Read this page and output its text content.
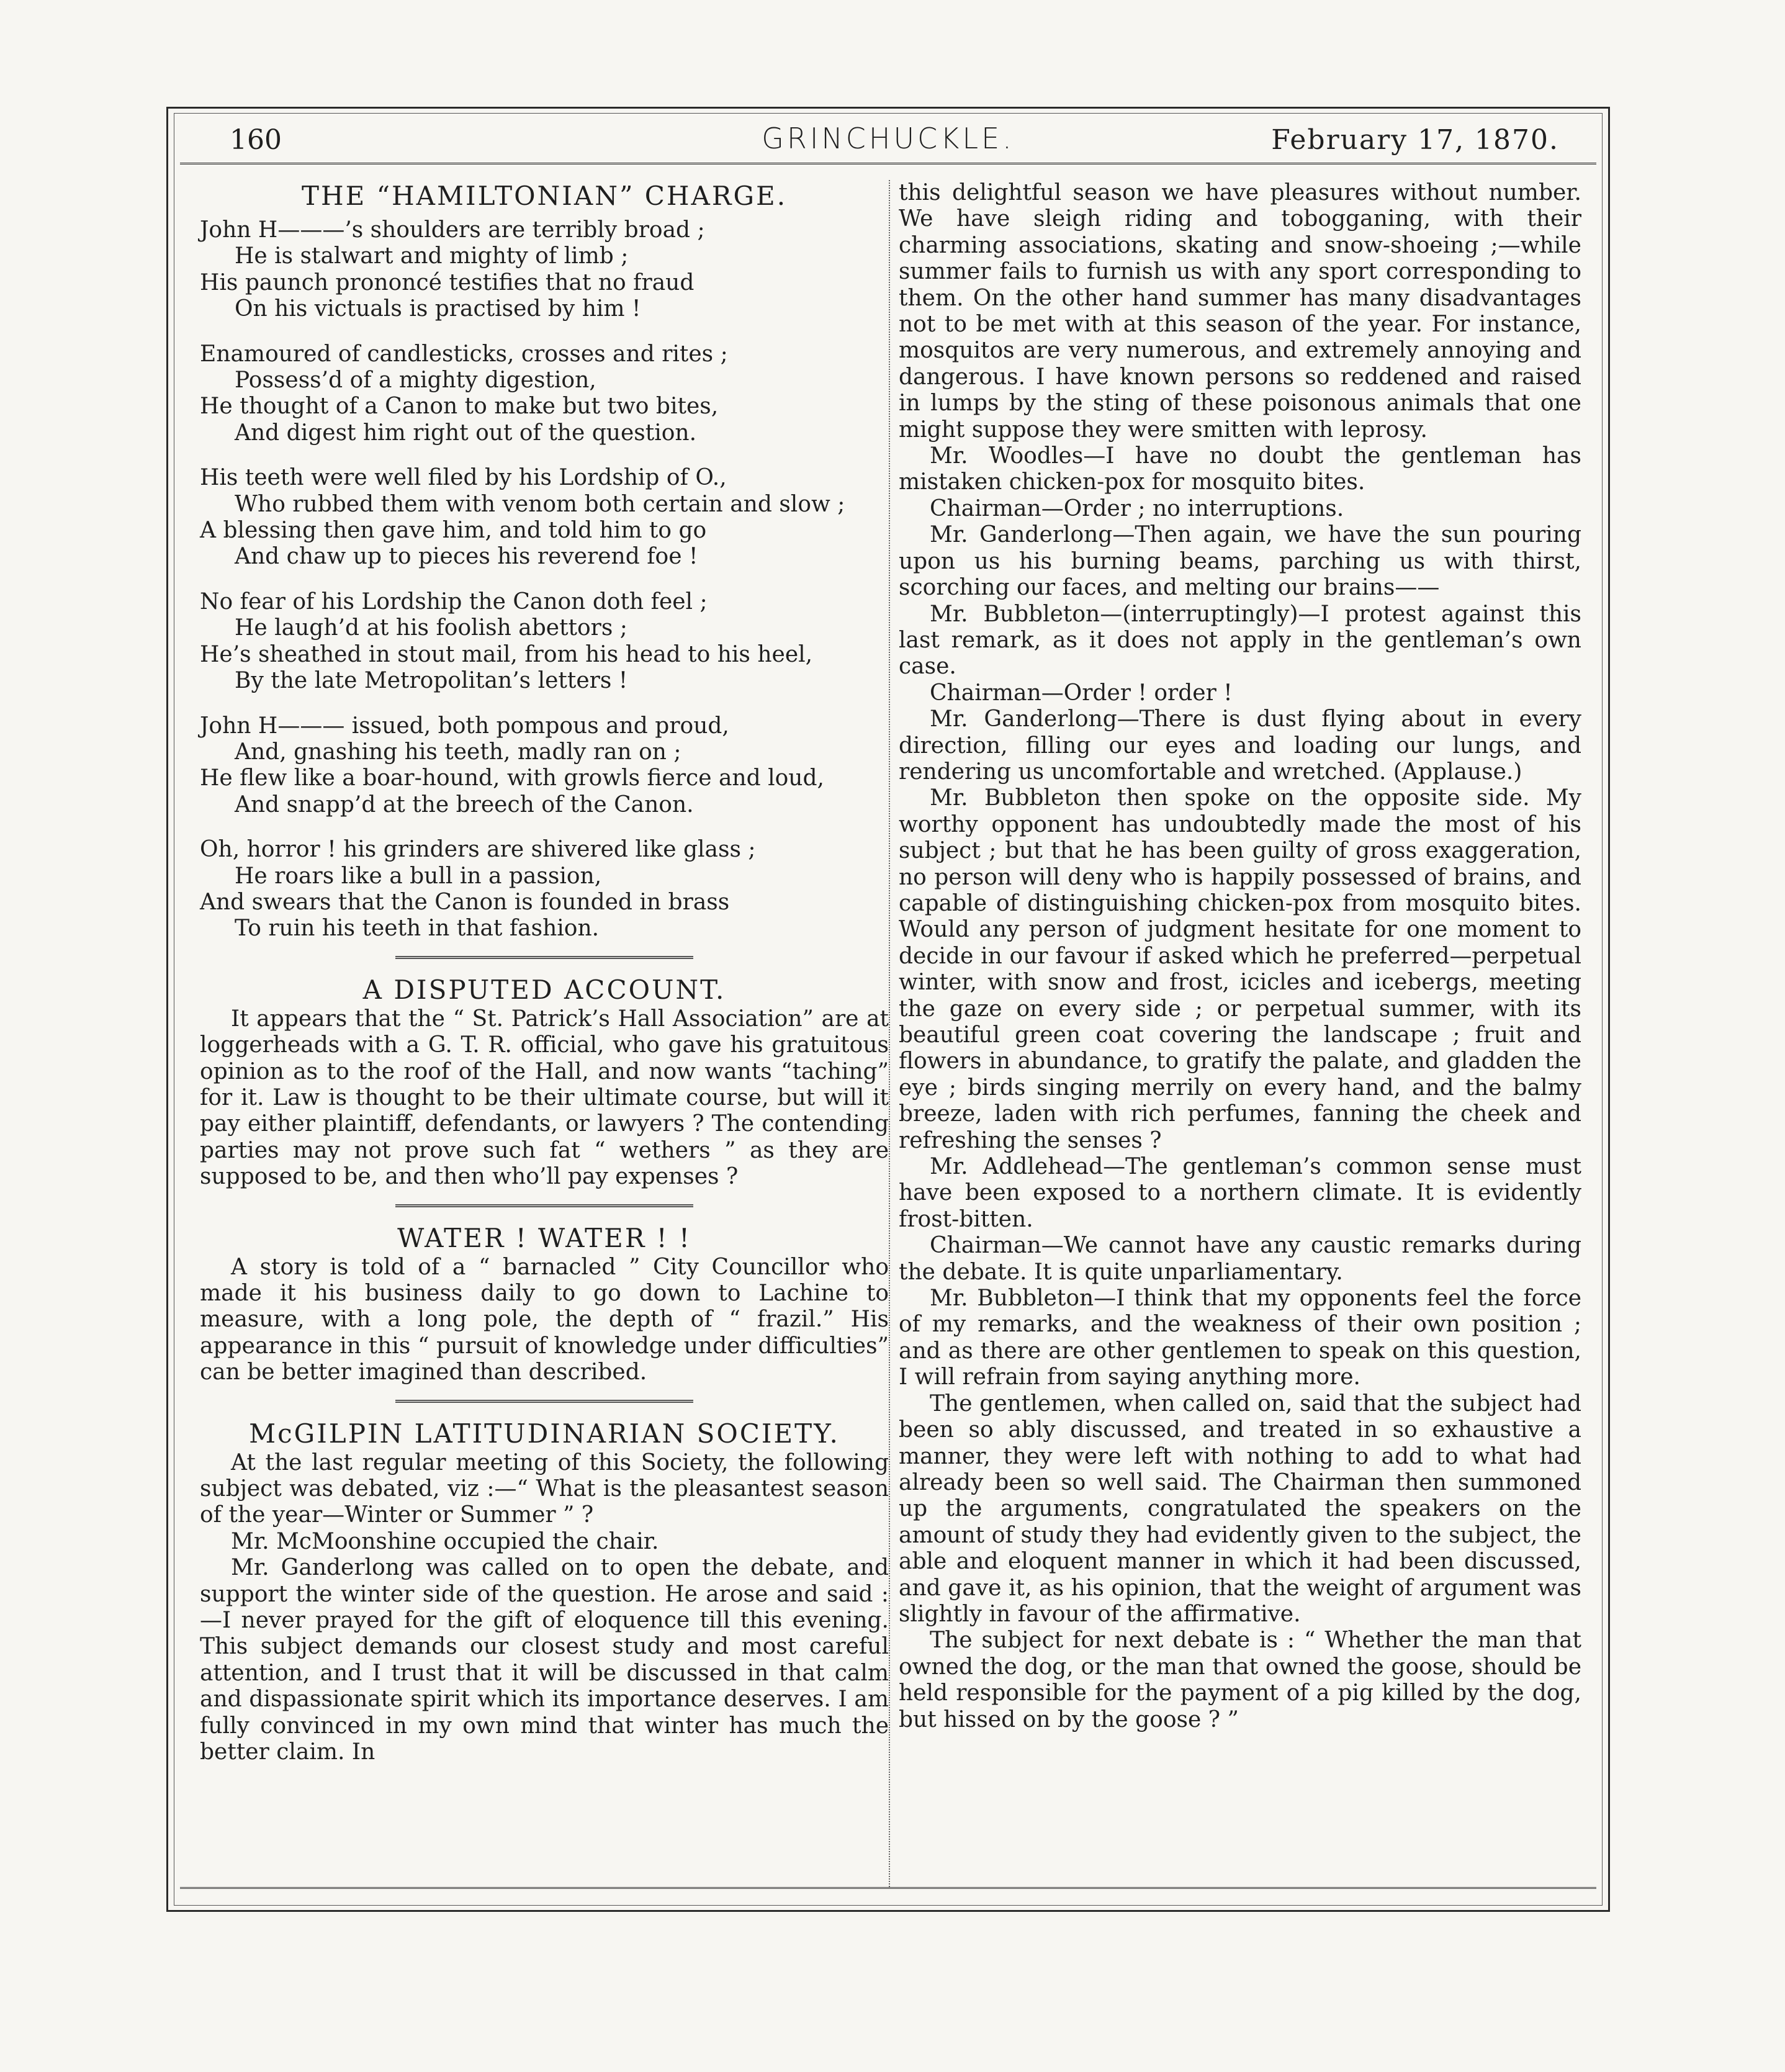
160	GRINCHUCKLE.	February 17, 1870.
THE “HAMILTONIAN” CHARGE.

John H———’s shoulders are terribly broad ;

He is stalwart and mighty of limb ;

His paunch prononcé testifies that no fraud

On his victuals is practised by him !

Enamoured of candlesticks, crosses and rites ;

Possess’d of a mighty digestion,

He thought of a Canon to make but two bites,

And digest him right out of the question.

His teeth were well filed by his Lordship of O.,

Who rubbed them with venom both certain and slow ;

A blessing then gave him, and told him to go

And chaw up to pieces his reverend foe !

No fear of his Lordship the Canon doth feel ;

He laugh’d at his foolish abettors ;

He’s sheathed in stout mail, from his head to his heel,

By the late Metropolitan’s letters !

John H——— issued, both pompous and proud,

And, gnashing his teeth, madly ran on ;

He flew like a boar-hound, with growls fierce and loud,

And snapp’d at the breech of the Canon.

Oh, horror ! his grinders are shivered like glass ;

He roars like a bull in a passion,

And swears that the Canon is founded in brass

To ruin his teeth in that fashion.

A DISPUTED ACCOUNT.

It appears that the “ St. Patrick’s Hall Association” are at loggerheads with a G. T. R. official, who gave his gratuitous opinion as to the roof of the Hall, and now wants “taching” for it. Law is thought to be their ultimate course, but will it pay either plaintiff, defendants, or lawyers ? The contending parties may not prove such fat “ wethers ” as they are supposed to be, and then who’ll pay expenses ?

WATER ! WATER ! !

A story is told of a “ barnacled ” City Councillor who made it his business daily to go down to Lachine to measure, with a long pole, the depth of “ frazil.” His appearance in this “ pursuit of knowledge under difficulties” can be better imagined than described.

McGILPIN LATITUDINARIAN SOCIETY.

At the last regular meeting of this Society, the following subject was debated, viz :—“ What is the pleasantest season of the year—Winter or Summer ” ?

Mr. McMoonshine occupied the chair.

Mr. Ganderlong was called on to open the debate, and support the winter side of the question. He arose and said :—I never prayed for the gift of eloquence till this evening. This subject demands our closest study and most careful attention, and I trust that it will be discussed in that calm and dispassionate spirit which its importance deserves. I am fully convinced in my own mind that winter has much the better claim. In

this delightful season we have pleasures without number. We have sleigh riding and tobogganing, with their charming associations, skating and snow-shoeing ;—while summer fails to furnish us with any sport corresponding to them. On the other hand summer has many disadvantages not to be met with at this season of the year. For instance, mosquitos are very numerous, and extremely annoying and dangerous. I have known persons so reddened and raised in lumps by the sting of these poisonous animals that one might suppose they were smitten with leprosy.

Mr. Woodles—I have no doubt the gentleman has mistaken chicken-pox for mosquito bites.

Chairman—Order ; no interruptions.

Mr. Ganderlong—Then again, we have the sun pouring upon us his burning beams, parching us with thirst, scorching our faces, and melting our brains——

Mr. Bubbleton—(interruptingly)—I protest against this last remark, as it does not apply in the gentleman’s own case.

Chairman—Order ! order !

Mr. Ganderlong—There is dust flying about in every direction, filling our eyes and loading our lungs, and rendering us uncomfortable and wretched. (Applause.)

Mr. Bubbleton then spoke on the opposite side. My worthy opponent has undoubtedly made the most of his subject ; but that he has been guilty of gross exaggeration, no person will deny who is happily possessed of brains, and capable of distinguishing chicken-pox from mosquito bites. Would any person of judgment hesitate for one moment to decide in our favour if asked which he preferred—perpetual winter, with snow and frost, icicles and icebergs, meeting the gaze on every side ; or perpetual summer, with its beautiful green coat covering the landscape ; fruit and flowers in abundance, to gratify the palate, and gladden the eye ; birds singing merrily on every hand, and the balmy breeze, laden with rich perfumes, fanning the cheek and refreshing the senses ?

Mr. Addlehead—The gentleman’s common sense must have been exposed to a northern climate. It is evidently frost-bitten.

Chairman—We cannot have any caustic remarks during the debate. It is quite unparliamentary.

Mr. Bubbleton—I think that my opponents feel the force of my remarks, and the weakness of their own position ; and as there are other gentlemen to speak on this question, I will refrain from saying anything more.

The gentlemen, when called on, said that the subject had been so ably discussed, and treated in so exhaustive a manner, they were left with nothing to add to what had already been so well said. The Chairman then summoned up the arguments, congratulated the speakers on the amount of study they had evidently given to the subject, the able and eloquent manner in which it had been discussed, and gave it, as his opinion, that the weight of argument was slightly in favour of the affirmative.

The subject for next debate is : “ Whether the man that owned the dog, or the man that owned the goose, should be held responsible for the payment of a pig killed by the dog, but hissed on by the goose ? ”
